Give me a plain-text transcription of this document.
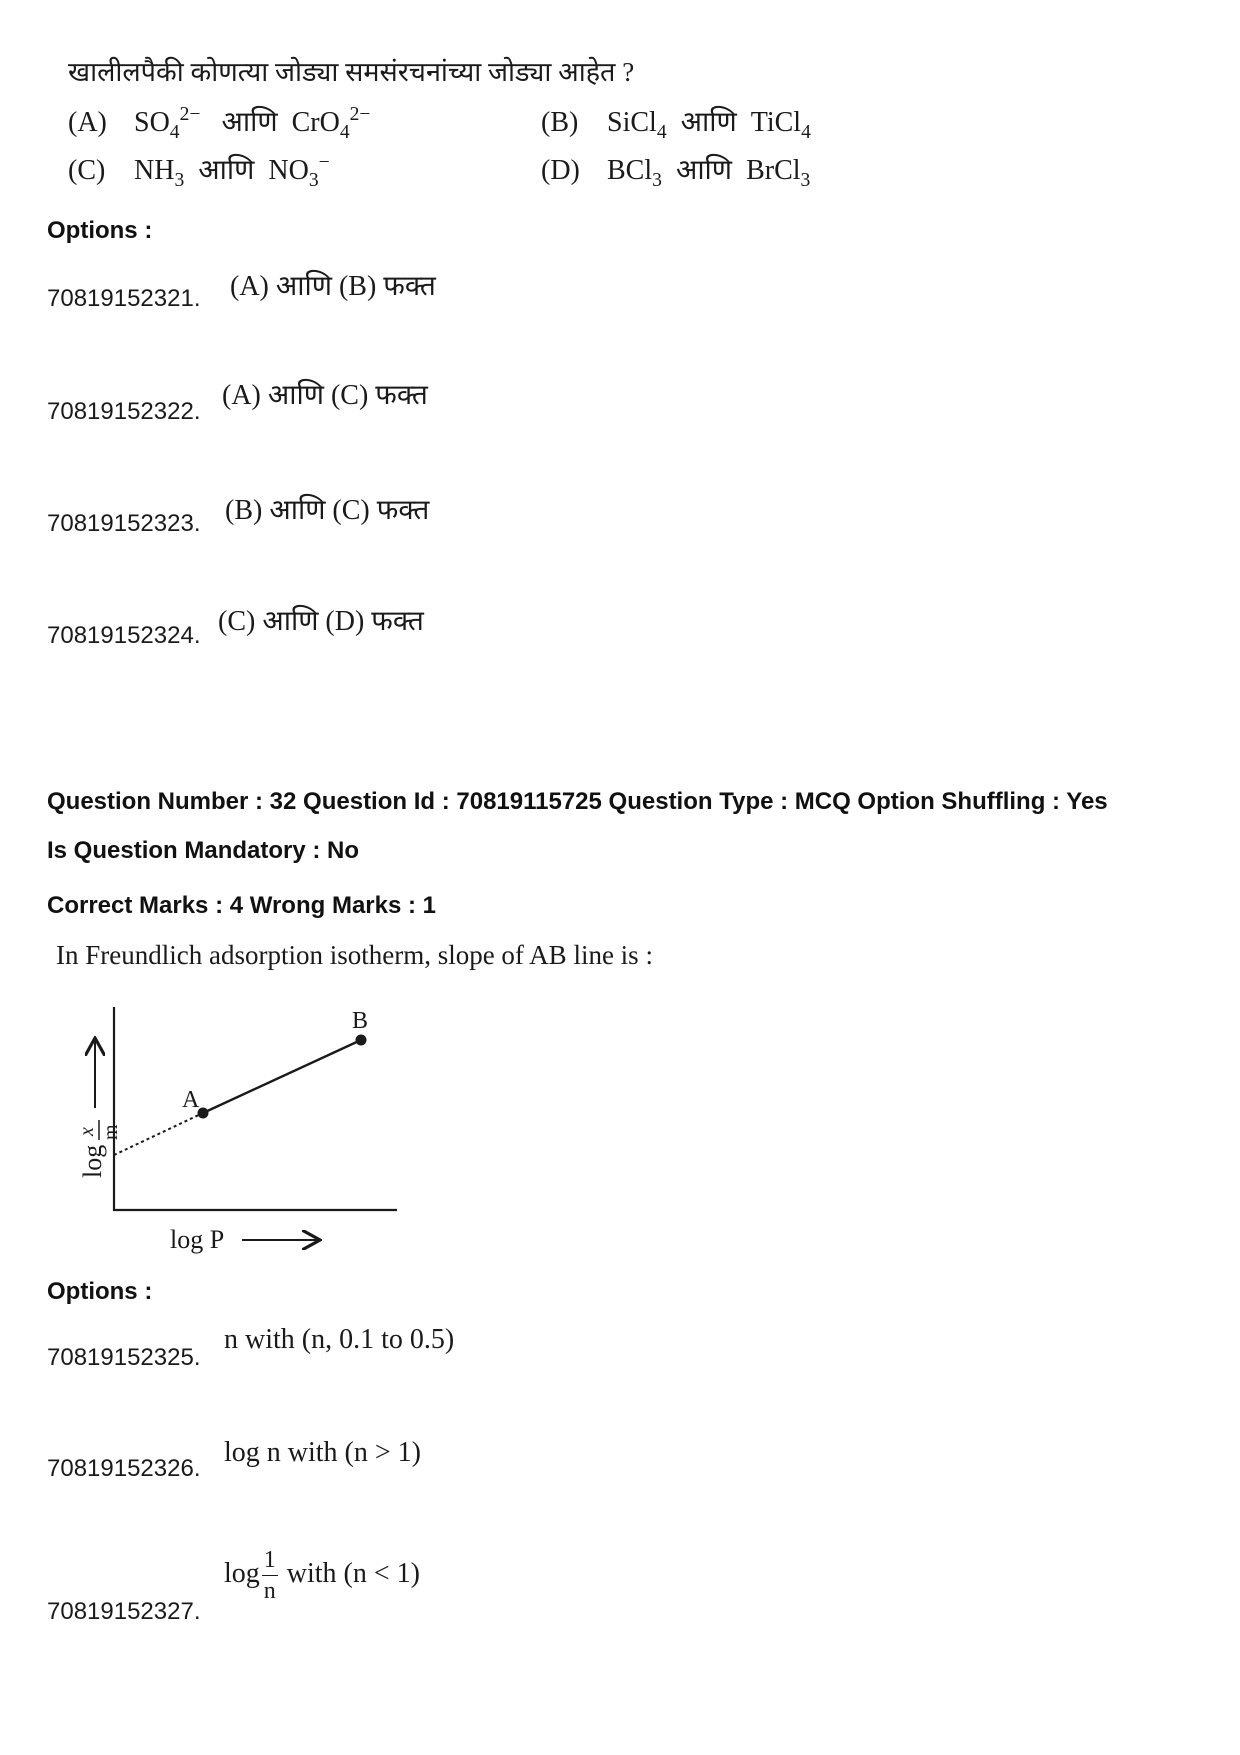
खालीलपैकी कोणत्या जोड्या समसंरचनांच्या जोड्या आहेत ?
(A) $SO_4^{2-}$ आणि  CrO$_4^{2-}$	(B) SiCl$_4$ आणि  TiCl$_4$
(C) $NH_3$ आणि  $NO_3^-$	(D) BCl$_3$ आणि  BrCl$_3$
Options :
70819152321. (A) आणि (B) फक्त
70819152322.
(A) आणि (C) फक्त
70819152323. (B) आणि (C) फक्त
70819152324. (C) आणि (D) फक्त
Question Number : 32 Question Id : 70819115725 Question Type : MCQ Option Shuffling : Yes
Is Question Mandatory : No
Correct Marks : 4 Wrong Marks : 1
In Freundlich adsorption isotherm, slope of AB line is :
A
B
log P
log
x m
Options :
70819152325.
n with (n, 0.1 to 0.5)
70819152326.
log n with (n > 1)
70819152327.
$\log \frac{1}{n}$ with (n < 1)
